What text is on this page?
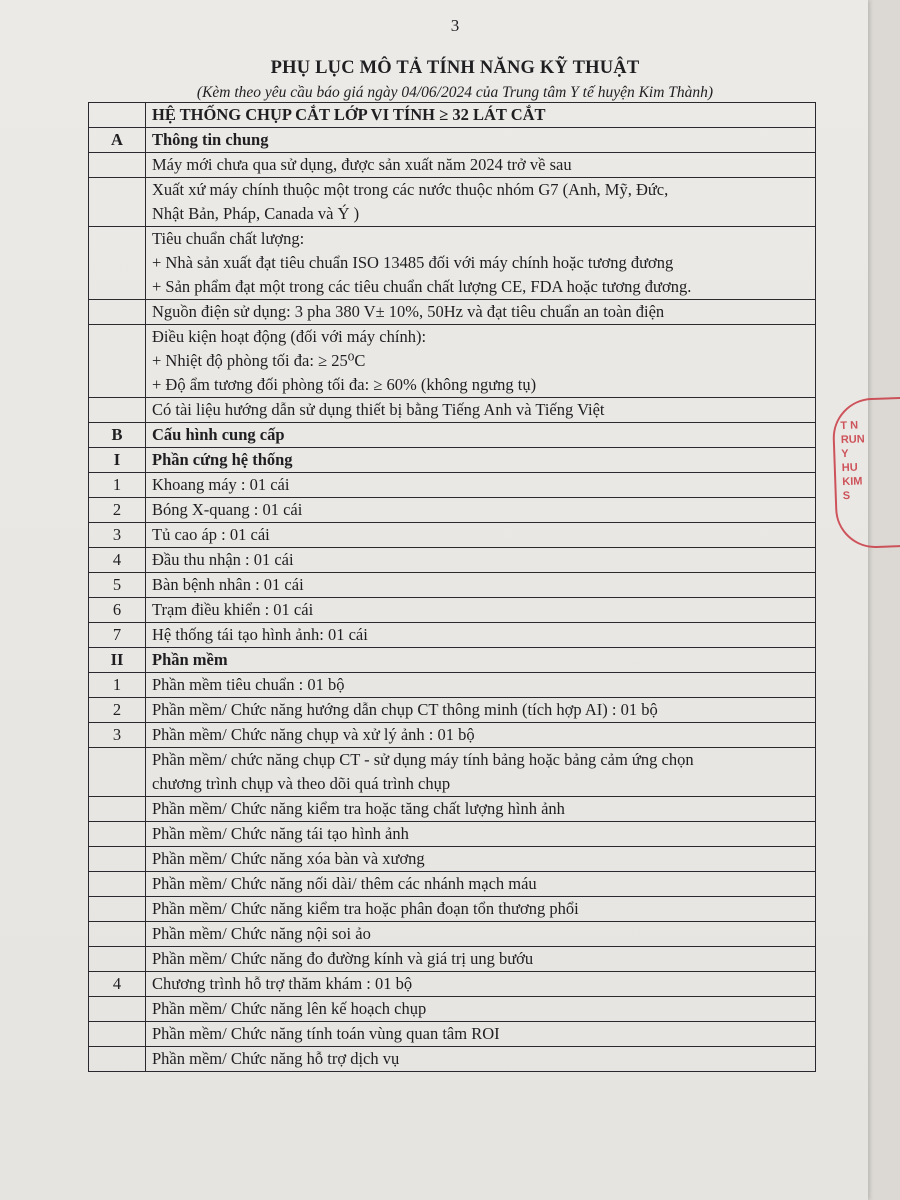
3
PHỤ LỤC MÔ TẢ TÍNH NĂNG KỸ THUẬT
(Kèm theo yêu cầu báo giá ngày 04/06/2024 của Trung tâm Y tế huyện Kim Thành)
	HỆ THỐNG CHỤP CẮT LỚP VI TÍNH ≥ 32 LÁT CẮT
A	Thông tin chung
	Máy mới chưa qua sử dụng, được sản xuất năm 2024 trở về sau
	Xuất xứ máy chính thuộc một trong các nước thuộc nhóm G7 (Anh, Mỹ, Đức,
Nhật Bản, Pháp, Canada và Ý )
	Tiêu chuẩn chất lượng:
+ Nhà sản xuất đạt tiêu chuẩn ISO 13485 đối với máy chính hoặc tương đương
+ Sản phẩm đạt một trong các tiêu chuẩn chất lượng CE, FDA hoặc tương đương.
	Nguồn điện sử dụng: 3 pha 380 V± 10%, 50Hz và đạt tiêu chuẩn an toàn điện
	Điều kiện hoạt động (đối với máy chính):
+ Nhiệt độ phòng tối đa: ≥ 25⁰C
+ Độ ẩm tương đối phòng tối đa: ≥ 60% (không ngưng tụ)
	Có tài liệu hướng dẫn sử dụng thiết bị bằng Tiếng Anh và Tiếng Việt
B	Cấu hình cung cấp
I	Phần cứng hệ thống
1	Khoang máy : 01 cái
2	Bóng X-quang : 01 cái
3	Tủ cao áp : 01 cái
4	Đầu thu nhận : 01 cái
5	Bàn bệnh nhân : 01 cái
6	Trạm điều khiển : 01 cái
7	Hệ thống tái tạo hình ảnh: 01 cái
II	Phần mềm
1	Phần mềm tiêu chuẩn : 01 bộ
2	Phần mềm/ Chức năng hướng dẫn chụp CT thông minh (tích hợp AI) : 01 bộ
3	Phần mềm/ Chức năng chụp và xử lý ảnh : 01 bộ
	Phần mềm/ chức năng chụp CT - sử dụng máy tính bảng hoặc bảng cảm ứng chọn
chương trình chụp và theo dõi quá trình chụp
	Phần mềm/ Chức năng kiểm tra hoặc tăng chất lượng hình ảnh
	Phần mềm/ Chức năng tái tạo hình ảnh
	Phần mềm/ Chức năng xóa bàn và xương
	Phần mềm/ Chức năng nối dài/ thêm các nhánh mạch máu
	Phần mềm/ Chức năng kiểm tra hoặc phân đoạn tổn thương phổi
	Phần mềm/ Chức năng nội soi ảo
	Phần mềm/ Chức năng đo đường kính và giá trị ung bướu
4	Chương trình hỗ trợ thăm khám : 01 bộ
	Phần mềm/ Chức năng lên kế hoạch chụp
	Phần mềm/ Chức năng tính toán vùng quan tâm ROI
	Phần mềm/ Chức năng hỗ trợ dịch vụ
T N
RUN
Y
HU
KIM
S
